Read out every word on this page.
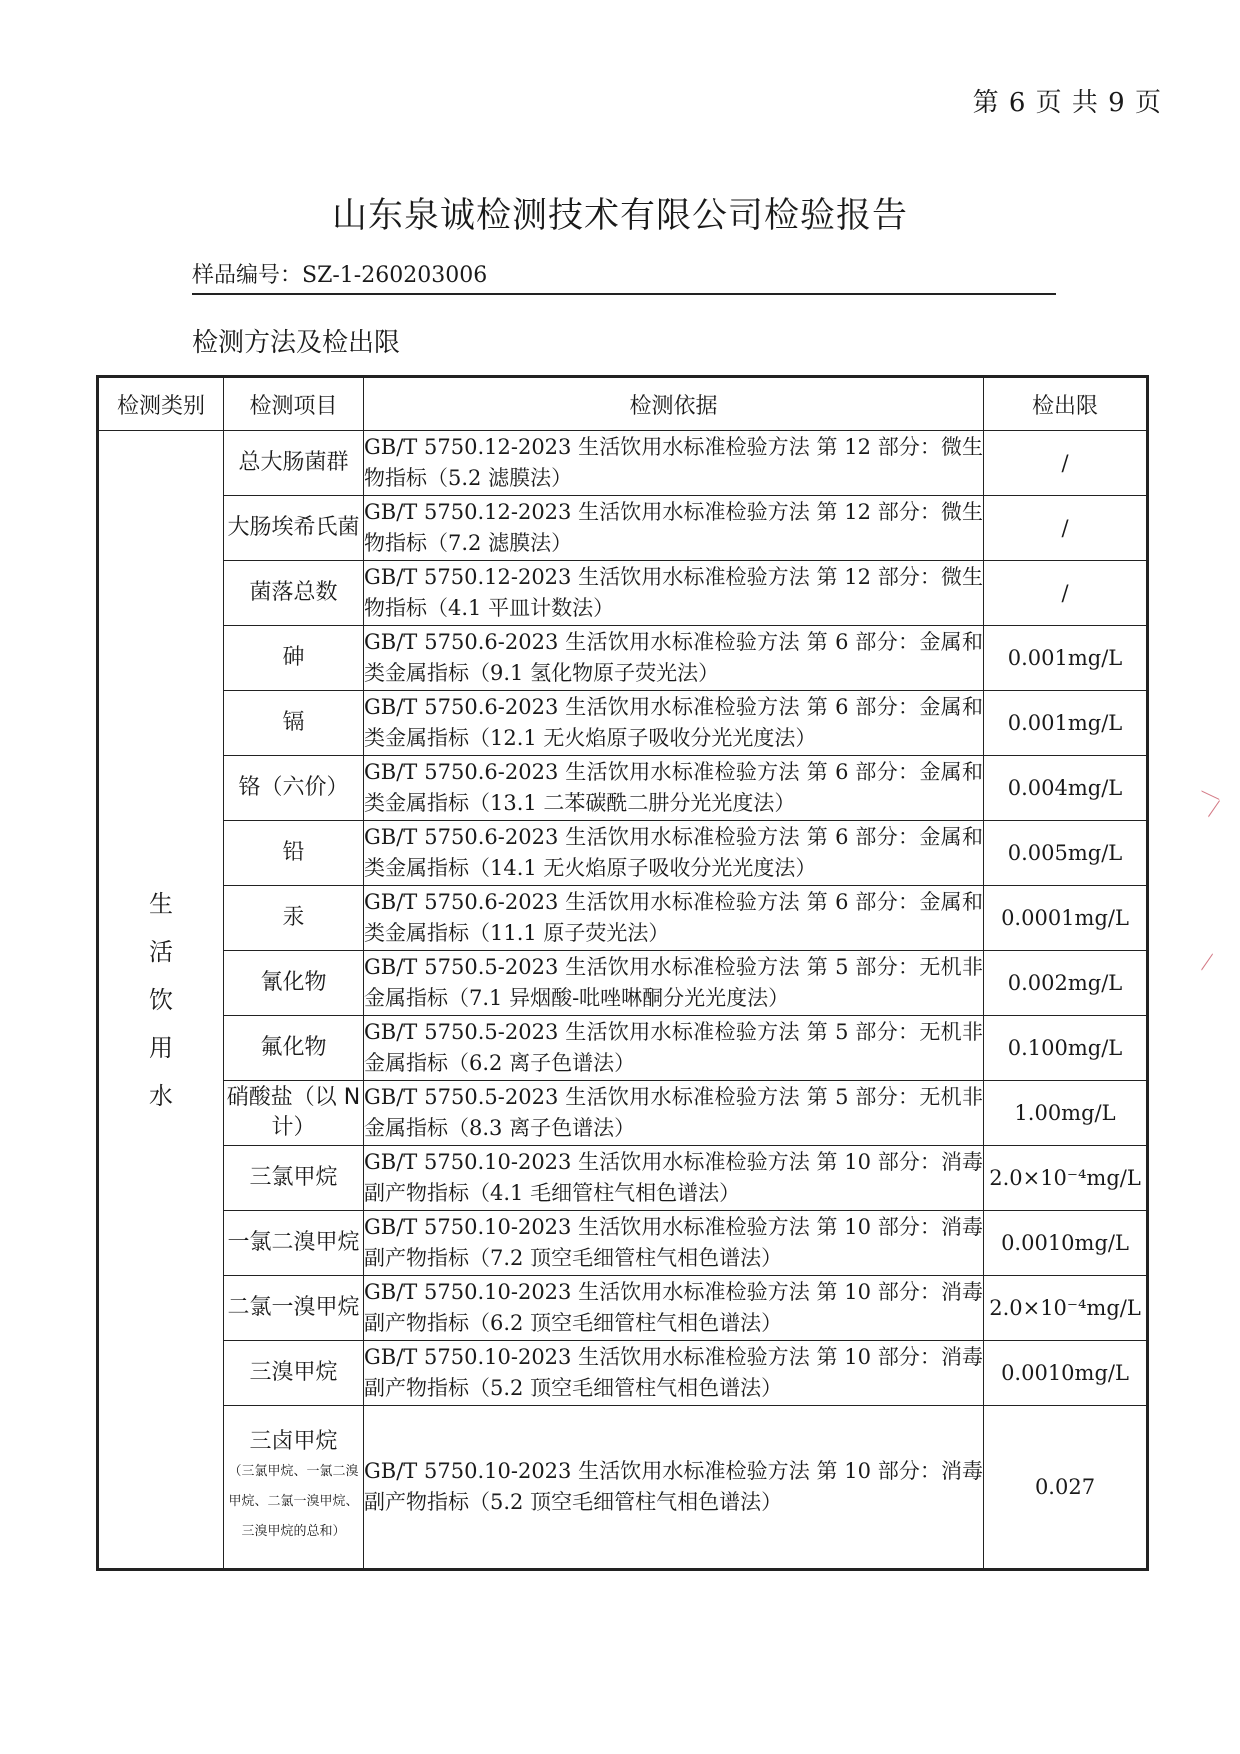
第 6 页 共 9 页
山东泉诚检测技术有限公司检验报告
样品编号：SZ-1-260203006
检测方法及检出限
检测类别	检测项目	检测依据	检出限

生
活
饮
用
水	总大肠菌群	GB/T 5750.12-2023 生活饮用水标准检验方法 第 12 部分：微生物指标（5.2 滤膜法）	/
	大肠埃希氏菌	GB/T 5750.12-2023 生活饮用水标准检验方法 第 12 部分：微生物指标（7.2 滤膜法）	/
	菌落总数	GB/T 5750.12-2023 生活饮用水标准检验方法 第 12 部分：微生物指标（4.1 平皿计数法）	/
	砷	GB/T 5750.6-2023 生活饮用水标准检验方法 第 6 部分：金属和类金属指标（9.1 氢化物原子荧光法）	0.001mg/L
	镉	GB/T 5750.6-2023 生活饮用水标准检验方法 第 6 部分：金属和类金属指标（12.1 无火焰原子吸收分光光度法）	0.001mg/L
	铬（六价）	GB/T 5750.6-2023 生活饮用水标准检验方法 第 6 部分：金属和类金属指标（13.1 二苯碳酰二肼分光光度法）	0.004mg/L
	铅	GB/T 5750.6-2023 生活饮用水标准检验方法 第 6 部分：金属和类金属指标（14.1 无火焰原子吸收分光光度法）	0.005mg/L
	汞	GB/T 5750.6-2023 生活饮用水标准检验方法 第 6 部分：金属和类金属指标（11.1 原子荧光法）	0.0001mg/L
	氰化物	GB/T 5750.5-2023 生活饮用水标准检验方法 第 5 部分：无机非金属指标（7.1 异烟酸-吡唑啉酮分光光度法）	0.002mg/L
	氟化物	GB/T 5750.5-2023 生活饮用水标准检验方法 第 5 部分：无机非金属指标（6.2 离子色谱法）	0.100mg/L
	硝酸盐（以 N 计）	GB/T 5750.5-2023 生活饮用水标准检验方法 第 5 部分：无机非金属指标（8.3 离子色谱法）	1.00mg/L
	三氯甲烷	GB/T 5750.10-2023 生活饮用水标准检验方法 第 10 部分：消毒副产物指标（4.1 毛细管柱气相色谱法）	2.0×10⁻⁴mg/L
	一氯二溴甲烷	GB/T 5750.10-2023 生活饮用水标准检验方法 第 10 部分：消毒副产物指标（7.2 顶空毛细管柱气相色谱法）	0.0010mg/L
	二氯一溴甲烷	GB/T 5750.10-2023 生活饮用水标准检验方法 第 10 部分：消毒副产物指标（6.2 顶空毛细管柱气相色谱法）	2.0×10⁻⁴mg/L
	三溴甲烷	GB/T 5750.10-2023 生活饮用水标准检验方法 第 10 部分：消毒副产物指标（5.2 顶空毛细管柱气相色谱法）	0.0010mg/L
	三卤甲烷
（三氯甲烷、一氯二溴甲烷、二氯一溴甲烷、三溴甲烷的总和）	GB/T 5750.10-2023 生活饮用水标准检验方法 第 10 部分：消毒副产物指标（5.2 顶空毛细管柱气相色谱法）	0.027
⟋⟍
⟍
